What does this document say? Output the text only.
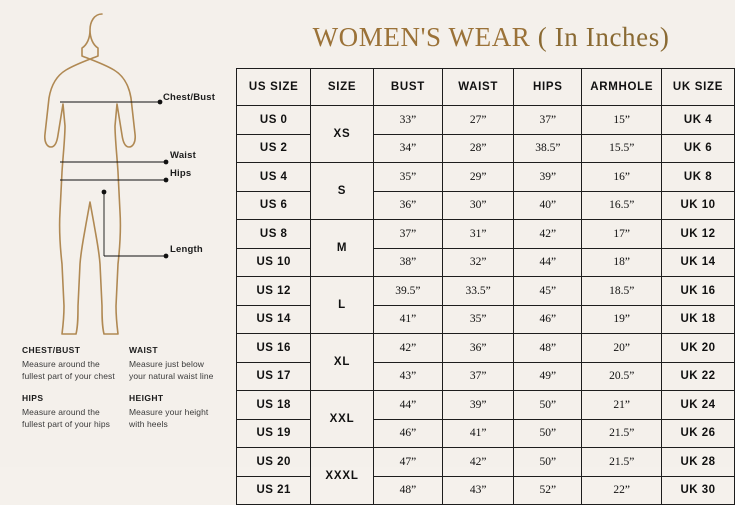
Chest/Bust
Waist
Hips
Length
CHEST/BUST
Measure around the fullest part of your chest
WAIST
Measure just below your natural waist line
HIPS
Measure around the fullest part of your hips
HEIGHT
Measure your height with heels
WOMEN'S WEAR ( In Inches)
US SIZE	SIZE	BUST	WAIST	HIPS	ARMHOLE	UK SIZE
US 0	XS	33”	27”	37”	15”	UK 4
US 2		34”	28”	38.5”	15.5”	UK 6
US 4	S	35”	29”	39”	16”	UK 8
US 6		36”	30”	40”	16.5”	UK 10
US 8	M	37”	31”	42”	17”	UK 12
US 10		38”	32”	44”	18”	UK 14
US 12	L	39.5”	33.5”	45”	18.5”	UK 16
US 14		41”	35”	46”	19”	UK 18
US 16	XL	42”	36”	48”	20”	UK 20
US 17		43”	37”	49”	20.5”	UK 22
US 18	XXL	44”	39”	50”	21”	UK 24
US 19		46”	41”	50”	21.5”	UK 26
US 20	XXXL	47”	42”	50”	21.5”	UK 28
US 21		48”	43”	52”	22”	UK 30
